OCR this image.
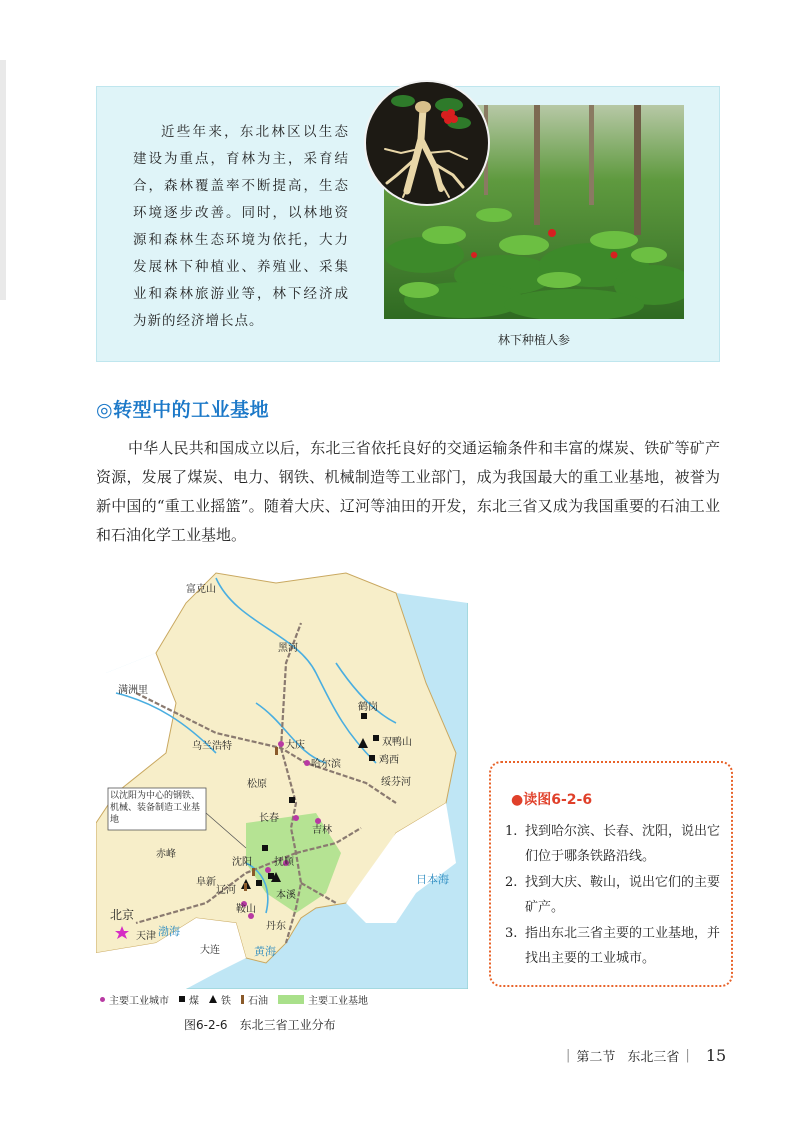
近些年来，东北林区以生态建设为重点，育林为主，采育结合，森林覆盖率不断提高，生态环境逐步改善。同时，以林地资源和森林生态环境为依托，大力发展林下种植业、养殖业、采集业和森林旅游业等，林下经济成为新的经济增长点。

林下种植人参
◎转型中的工业基地

中华人民共和国成立以后，东北三省依托良好的交通运输条件和丰富的煤炭、铁矿等矿产资源，发展了煤炭、电力、钢铁、机械制造等工业部门，成为我国最大的重工业基地，被誉为新中国的“重工业摇篮”。随着大庆、辽河等油田的开发，东北三省又成为我国重要的石油工业和石油化学工业基地。

富克山
黑河
满洲里
乌兰浩特	大庆
哈尔滨
鹤岗
双鸭山
鸡西
绥芬河
松原
长春
吉林
赤峰
阜新
沈阳 抚顺
本溪
辽河
鞍山
丹东
北京
天津
大连
渤海
黄海
日本海
以沈阳为中心的钢铁、机械、装备制造工业基地
主要工业城市 煤 铁 石油	主要工业基地
图6-2-6　东北三省工业分布
●读图6-2-6
1. 找到哈尔滨、长春、沈阳，说出它们位于哪条铁路沿线。
2. 找到大庆、鞍山，说出它们的主要矿产。
3. 指出东北三省主要的工业基地，并找出主要的工业城市。
| 第二节 东北三省 | 15
